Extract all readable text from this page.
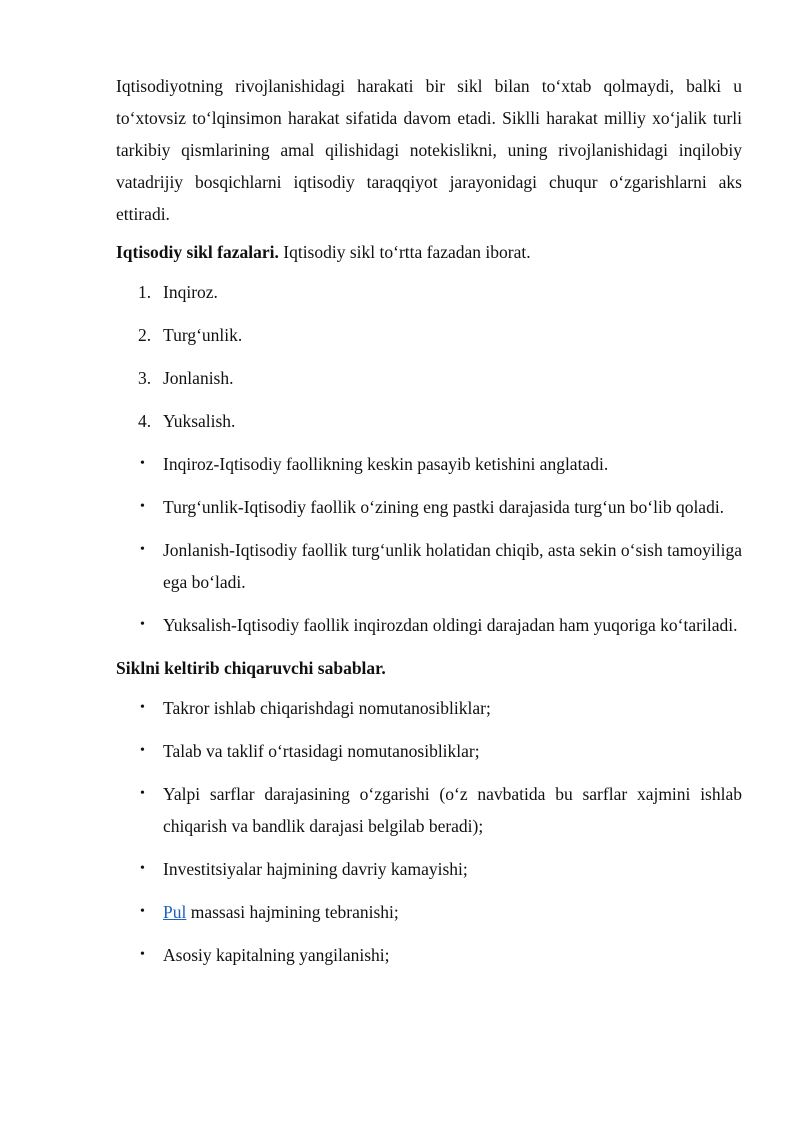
Iqtisodiyotning rivojlanishidagi harakati bir sikl bilan to‘xtab qolmaydi, balki u to‘xtovsiz to‘lqinsimon harakat sifatida davom etadi. Siklli harakat milliy xo‘jalik turli tarkibiy qismlarining amal qilishidagi notekislikni, uning rivojlanishidagi inqilobiy vatadrijiy bosqichlarni iqtisodiy taraqqiyot jarayonidagi chuqur o‘zgarishlarni aks ettiradi.

Iqtisodiy sikl fazalari. Iqtisodiy sikl to‘rtta fazadan iborat.

1. Inqiroz.
2. Turg‘unlik.
3. Jonlanish.
4. Yuksalish.
• Inqiroz-Iqtisodiy faollikning keskin pasayib ketishini anglatadi.
• Turg‘unlik-Iqtisodiy faollik o‘zining eng pastki darajasida turg‘un bo‘lib qoladi.
• Jonlanish-Iqtisodiy faollik turg‘unlik holatidan chiqib, asta sekin o‘sish tamoyiliga ega bo‘ladi.
• Yuksalish-Iqtisodiy faollik inqirozdan oldingi darajadan ham yuqoriga ko‘tariladi.

Siklni keltirib chiqaruvchi sabablar.

• Takror ishlab chiqarishdagi nomutanosibliklar;
• Talab va taklif o‘rtasidagi nomutanosibliklar;
• Yalpi sarflar darajasining o‘zgarishi (o‘z navbatida bu sarflar xajmini ishlab chiqarish va bandlik darajasi belgilab beradi);
• Investitsiyalar hajmining davriy kamayishi;
• Pul massasi hajmining tebranishi;
• Asosiy kapitalning yangilanishi;
